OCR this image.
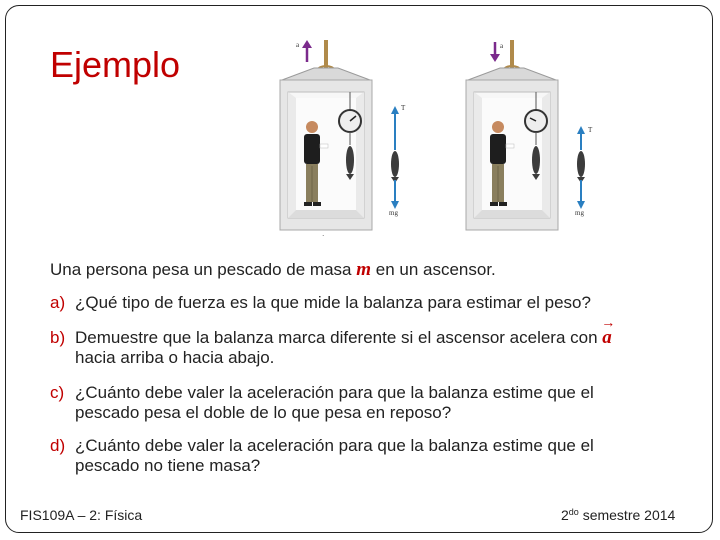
Ejemplo	a
·
T
mg
a
T
mg
Una persona pesa un pescado de masa m en un ascensor.
a) ¿Qué tipo de fuerza es la que mide la balanza para estimar el peso?
b) Demuestre que la balanza marca diferente si el ascensor acelera con → a
hacia arriba o hacia abajo.
c) ¿Cuánto debe valer la aceleración para que la balanza estime que el
pescado pesa el doble de lo que pesa en reposo?
d) ¿Cuánto debe valer la aceleración para que la balanza estime que el
pescado no tiene masa?
FIS109A – 2: Física	$2^{do}$ semestre 2014
